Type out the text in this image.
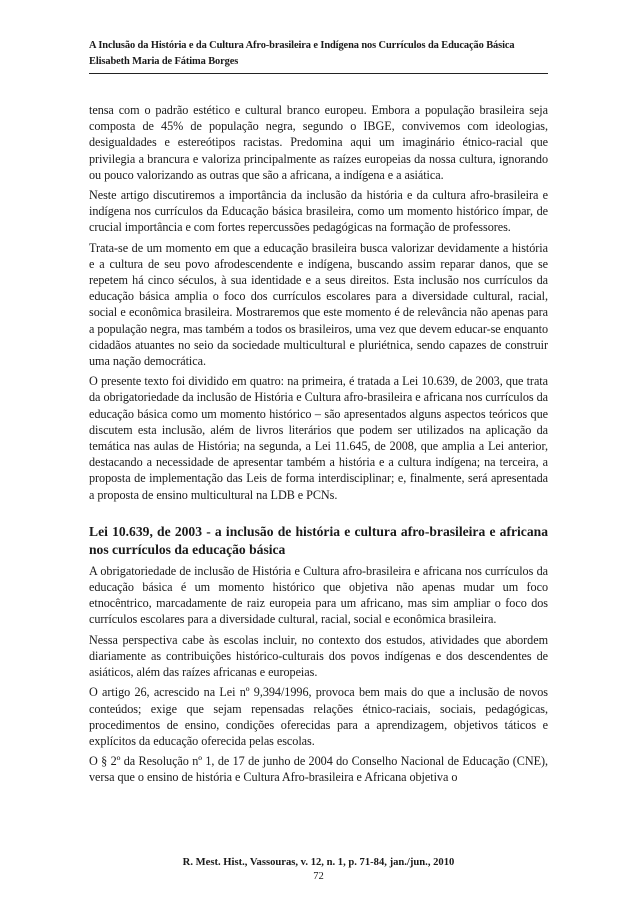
A Inclusão da História e da Cultura Afro-brasileira e Indígena nos Currículos da Educação Básica
Elisabeth Maria de Fátima Borges

tensa com o padrão estético e cultural branco europeu. Embora a população brasileira seja composta de 45% de população negra, segundo o IBGE, convivemos com ideologias, desigualdades e estereótipos racistas. Predomina aqui um imaginário étnico-racial que privilegia a brancura e valoriza principalmente as raízes europeias da nossa cultura, ignorando ou pouco valorizando as outras que são a africana, a indígena e a asiática.

Neste artigo discutiremos a importância da inclusão da história e da cultura afro-brasileira e indígena nos currículos da Educação básica brasileira, como um momento histórico ímpar, de crucial importância e com fortes repercussões pedagógicas na formação de professores.

Trata-se de um momento em que a educação brasileira busca valorizar devidamente a história e a cultura de seu povo afrodescendente e indígena, buscando assim reparar danos, que se repetem há cinco séculos, à sua identidade e a seus direitos. Esta inclusão nos currículos da educação básica amplia o foco dos currículos escolares para a diversidade cultural, racial, social e econômica brasileira. Mostraremos que este momento é de relevância não apenas para a população negra, mas também a todos os brasileiros, uma vez que devem educar-se enquanto cidadãos atuantes no seio da sociedade multicultural e pluriétnica, sendo capazes de construir uma nação democrática.

O presente texto foi dividido em quatro: na primeira, é tratada a Lei 10.639, de 2003, que trata da obrigatoriedade da inclusão de História e Cultura afro-brasileira e africana nos currículos da educação básica como um momento histórico – são apresentados alguns aspectos teóricos que discutem esta inclusão, além de livros literários que podem ser utilizados na aplicação da temática nas aulas de História; na segunda, a Lei 11.645, de 2008, que amplia a Lei anterior, destacando a necessidade de apresentar também a história e a cultura indígena; na terceira, a proposta de implementação das Leis de forma interdisciplinar; e, finalmente, será apresentada a proposta de ensino multicultural na LDB e PCNs.

Lei 10.639, de 2003 - a inclusão de história e cultura afro-brasileira e africana nos currículos da educação básica

A obrigatoriedade de inclusão de História e Cultura afro-brasileira e africana nos currículos da educação básica é um momento histórico que objetiva não apenas mudar um foco etnocêntrico, marcadamente de raiz europeia para um africano, mas sim ampliar o foco dos currículos escolares para a diversidade cultural, racial, social e econômica brasileira.

Nessa perspectiva cabe às escolas incluir, no contexto dos estudos, atividades que abordem diariamente as contribuições histórico-culturais dos povos indígenas e dos descendentes de asiáticos, além das raízes africanas e europeias.

O artigo 26, acrescido na Lei nº 9,394/1996, provoca bem mais do que a inclusão de novos conteúdos; exige que sejam repensadas relações étnico-raciais, sociais, pedagógicas, procedimentos de ensino, condições oferecidas para a aprendizagem, objetivos táticos e explícitos da educação oferecida pelas escolas.

O § 2º da Resolução nº 1, de 17 de junho de 2004 do Conselho Nacional de Educação (CNE), versa que o ensino de história e Cultura Afro-brasileira e Africana objetiva o

R. Mest. Hist., Vassouras, v. 12, n. 1, p. 71-84, jan./jun., 2010
72
